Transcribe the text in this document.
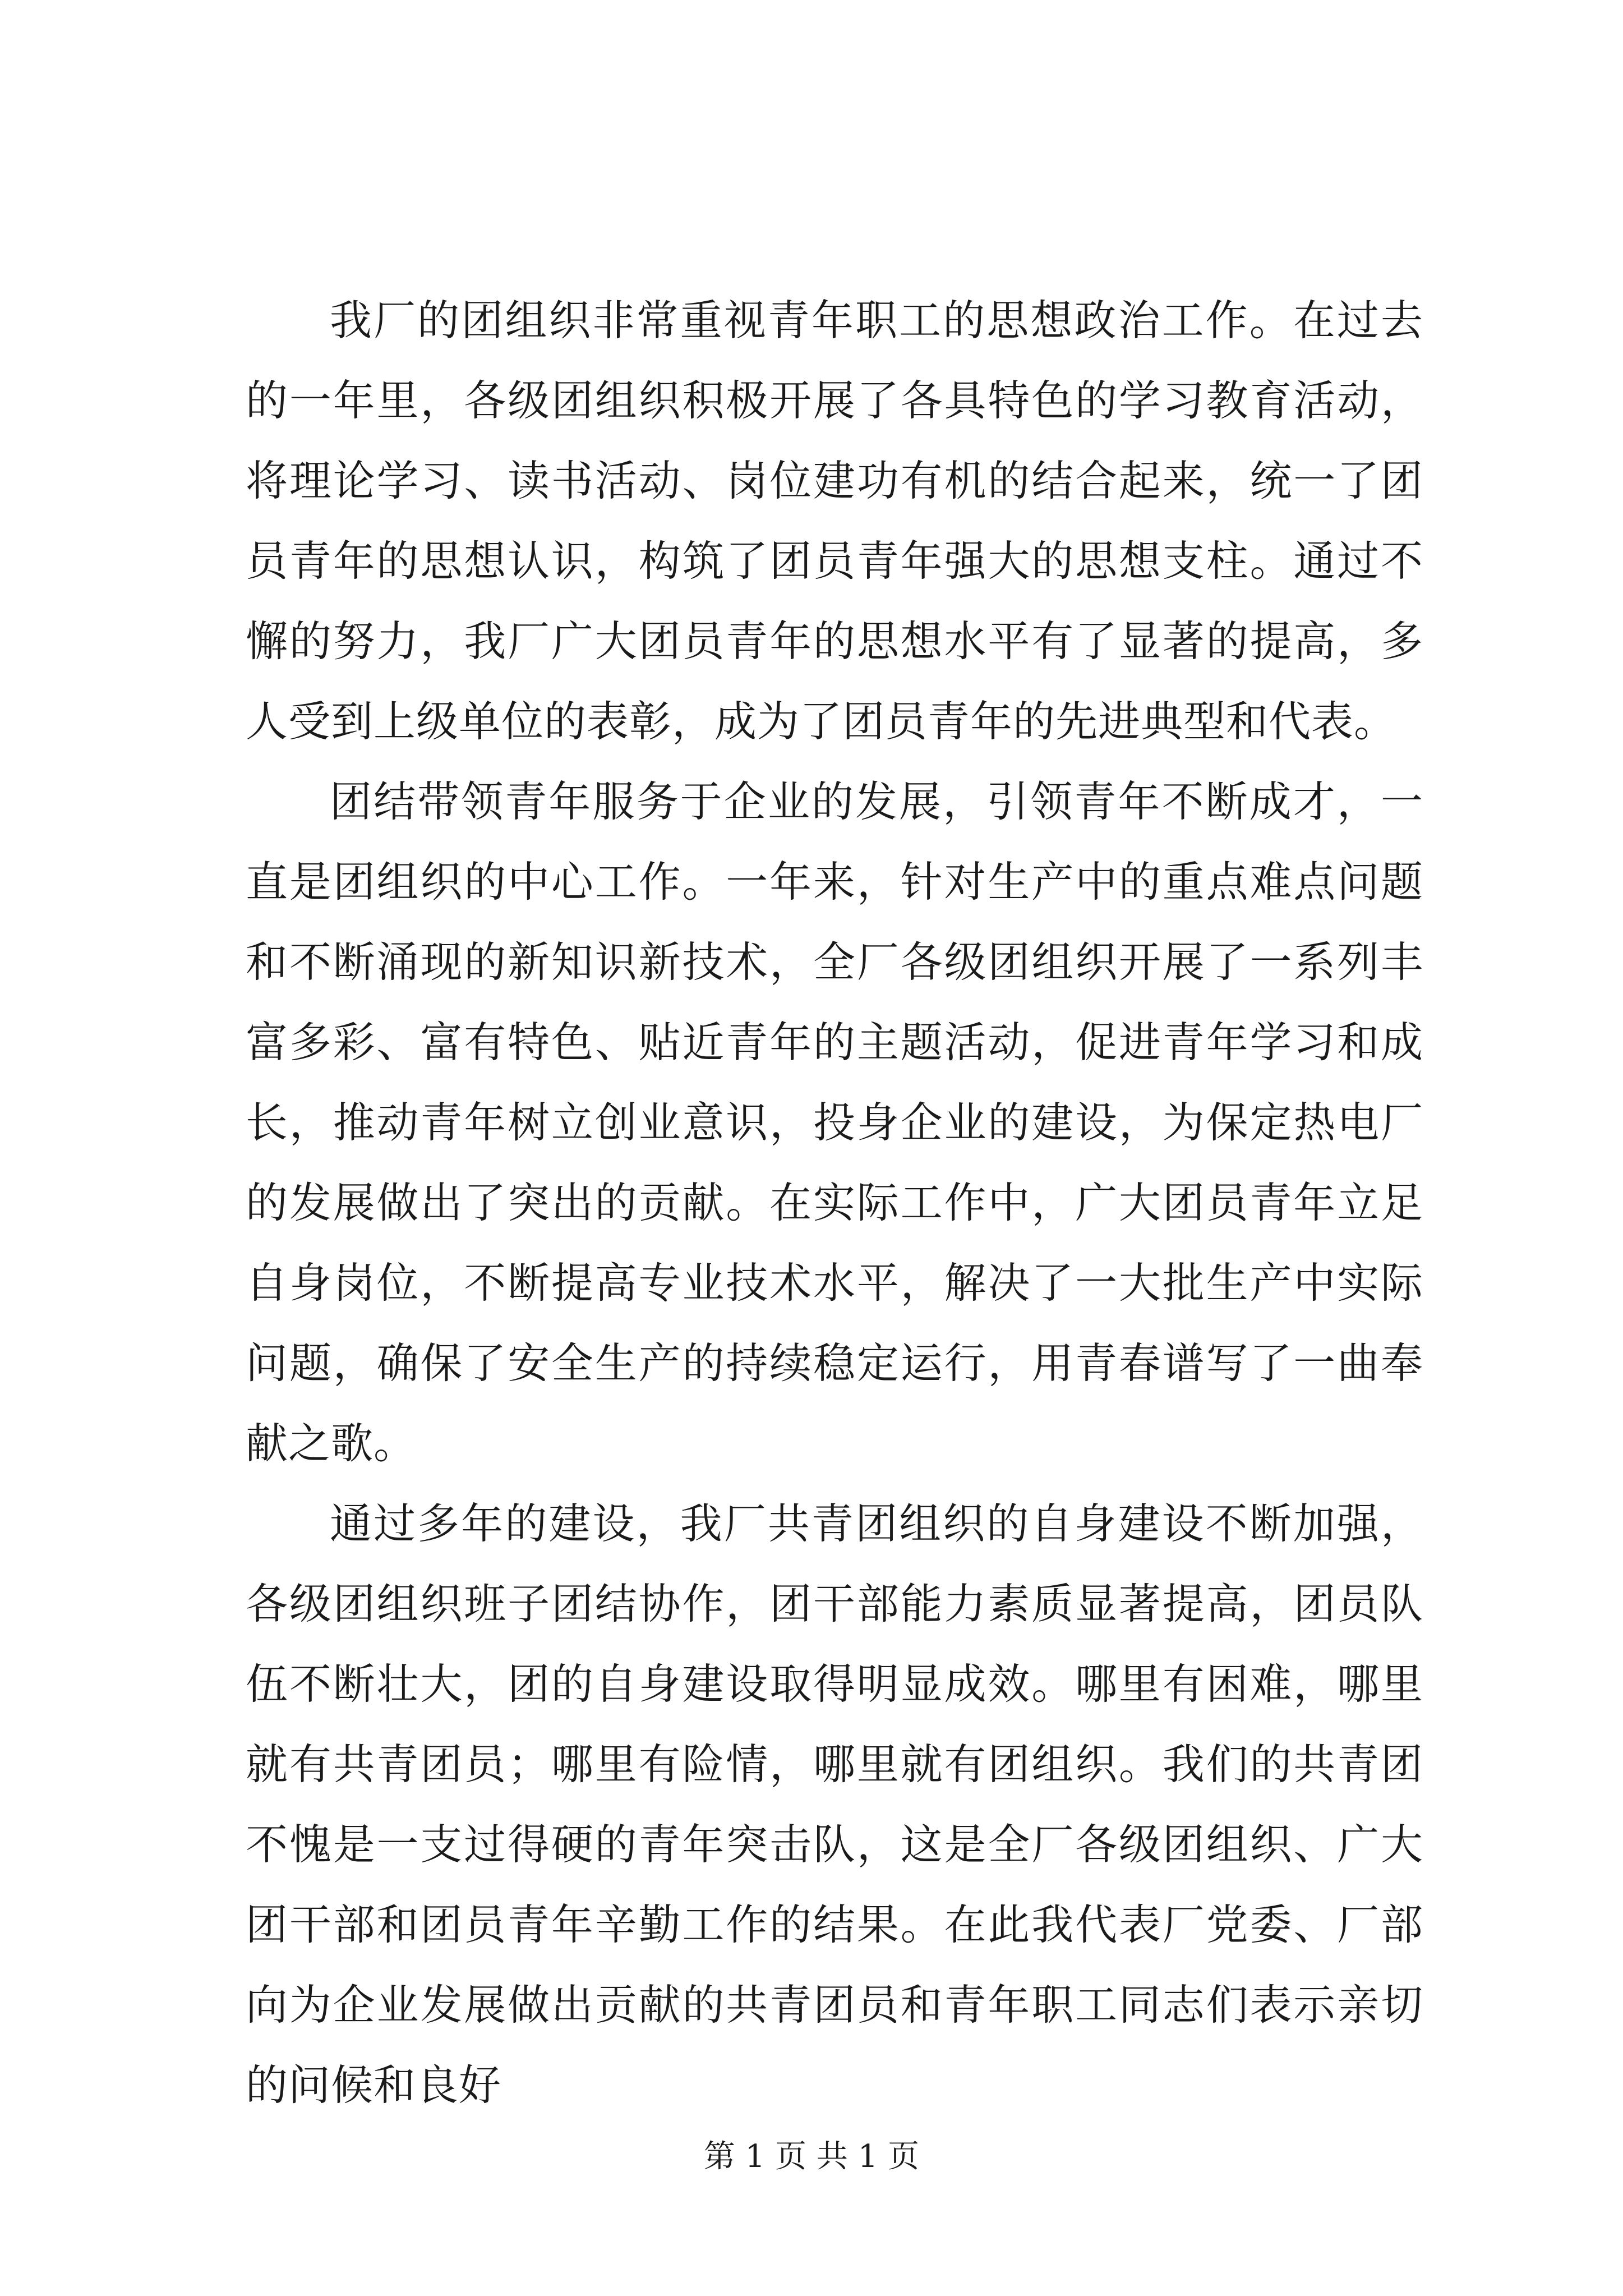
我厂的团组织非常重视青年职工的思想政治工作。在过去的一年里，各级团组织积极开展了各具特色的学习教育活动，将理论学习、读书活动、岗位建功有机的结合起来，统一了团员青年的思想认识，构筑了团员青年强大的思想支柱。通过不懈的努力，我厂广大团员青年的思想水平有了显著的提高，多人受到上级单位的表彰，成为了团员青年的先进典型和代表。

团结带领青年服务于企业的发展，引领青年不断成才，一直是团组织的中心工作。一年来，针对生产中的重点难点问题和不断涌现的新知识新技术，全厂各级团组织开展了一系列丰富多彩、富有特色、贴近青年的主题活动，促进青年学习和成长，推动青年树立创业意识，投身企业的建设，为保定热电厂的发展做出了突出的贡献。在实际工作中，广大团员青年立足自身岗位，不断提高专业技术水平，解决了一大批生产中实际问题，确保了安全生产的持续稳定运行，用青春谱写了一曲奉献之歌。

通过多年的建设，我厂共青团组织的自身建设不断加强，各级团组织班子团结协作，团干部能力素质显著提高，团员队伍不断壮大，团的自身建设取得明显成效。哪里有困难，哪里就有共青团员；哪里有险情，哪里就有团组织。我们的共青团不愧是一支过得硬的青年突击队，这是全厂各级团组织、广大团干部和团员青年辛勤工作的结果。在此我代表厂党委、厂部向为企业发展做出贡献的共青团员和青年职工同志们表示亲切的问候和良好

第 1 页 共 1 页
